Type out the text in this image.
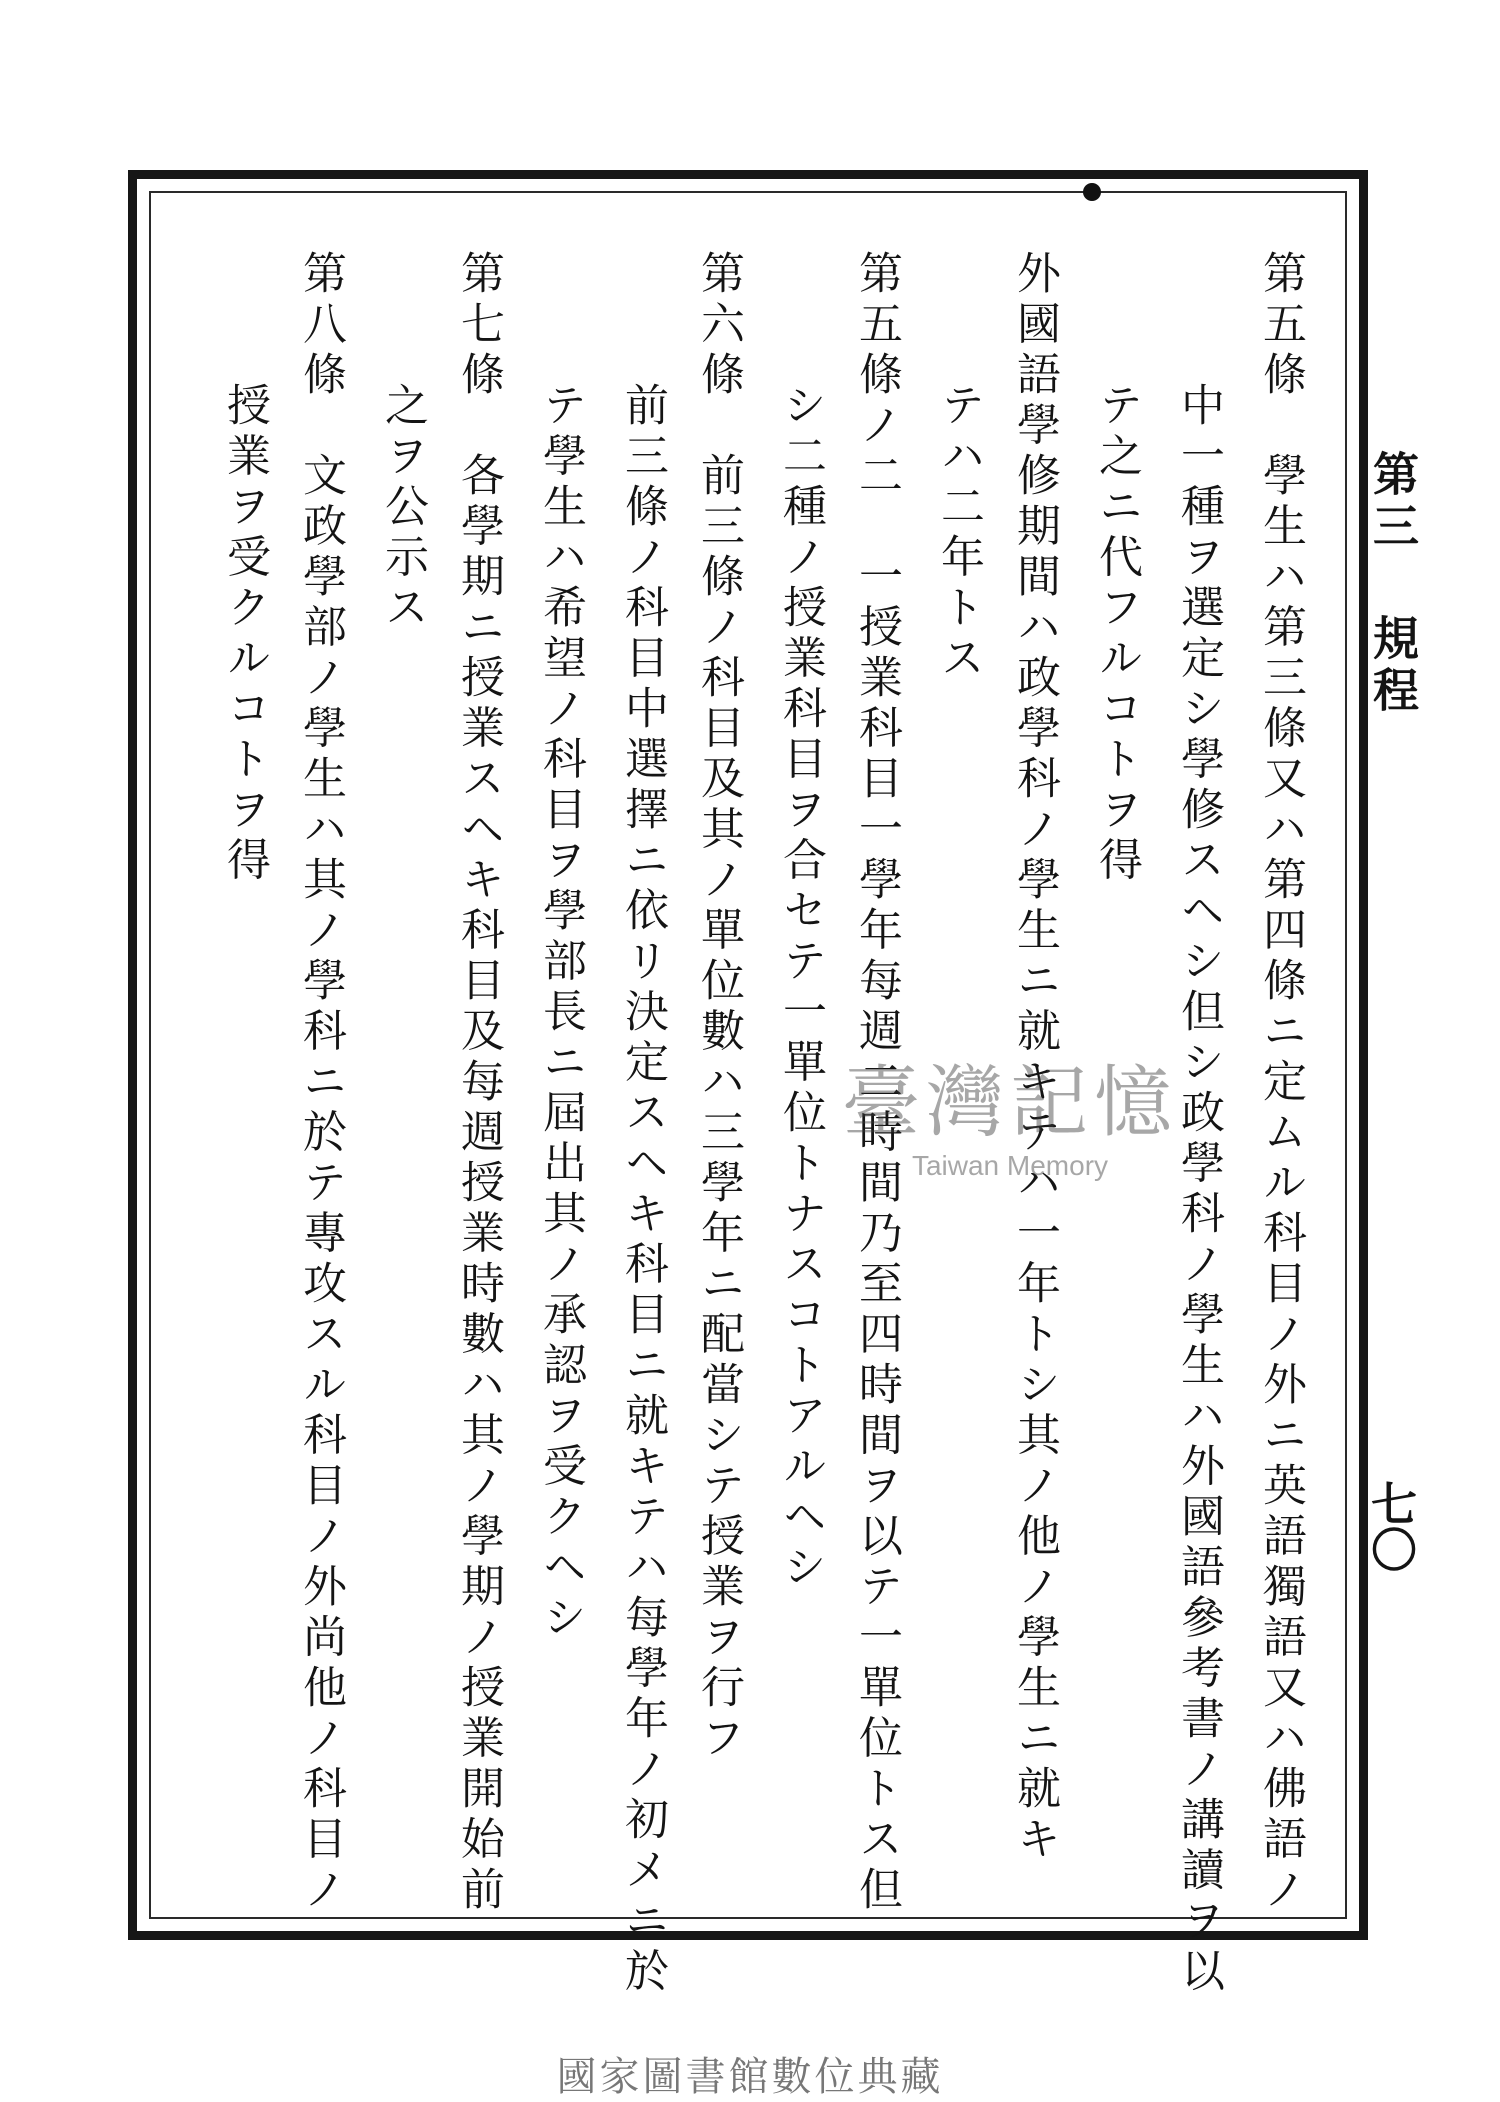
第三 規程
七〇
第五條　學生ハ第三條又ハ第四條ニ定ムル科目ノ外ニ英語獨語又ハ佛語ノ
中一種ヲ選定シ學修スヘシ但シ政學科ノ學生ハ外國語參考書ノ講讀ヲ以
テ之ニ代フルコトヲ得
外國語學修期間ハ政學科ノ學生ニ就キテハ一年トシ其ノ他ノ學生ニ就キ
テハ二年トス
第五條ノ二　一授業科目一學年每週二時間乃至四時間ヲ以テ一單位トス但
シ二種ノ授業科目ヲ合セテ一單位トナスコトアルヘシ
第六條　前三條ノ科目及其ノ單位數ハ三學年ニ配當シテ授業ヲ行フ
前三條ノ科目中選擇ニ依リ決定スヘキ科目ニ就キテハ每學年ノ初メニ於
テ學生ハ希望ノ科目ヲ學部長ニ屆出其ノ承認ヲ受クヘシ
第七條　各學期ニ授業スヘキ科目及每週授業時數ハ其ノ學期ノ授業開始前
之ヲ公示ス
第八條　文政學部ノ學生ハ其ノ學科ニ於テ專攻スル科目ノ外尚他ノ科目ノ
授業ヲ受クルコトヲ得
臺灣記憶
Taiwan Memory
國家圖書館數位典藏
